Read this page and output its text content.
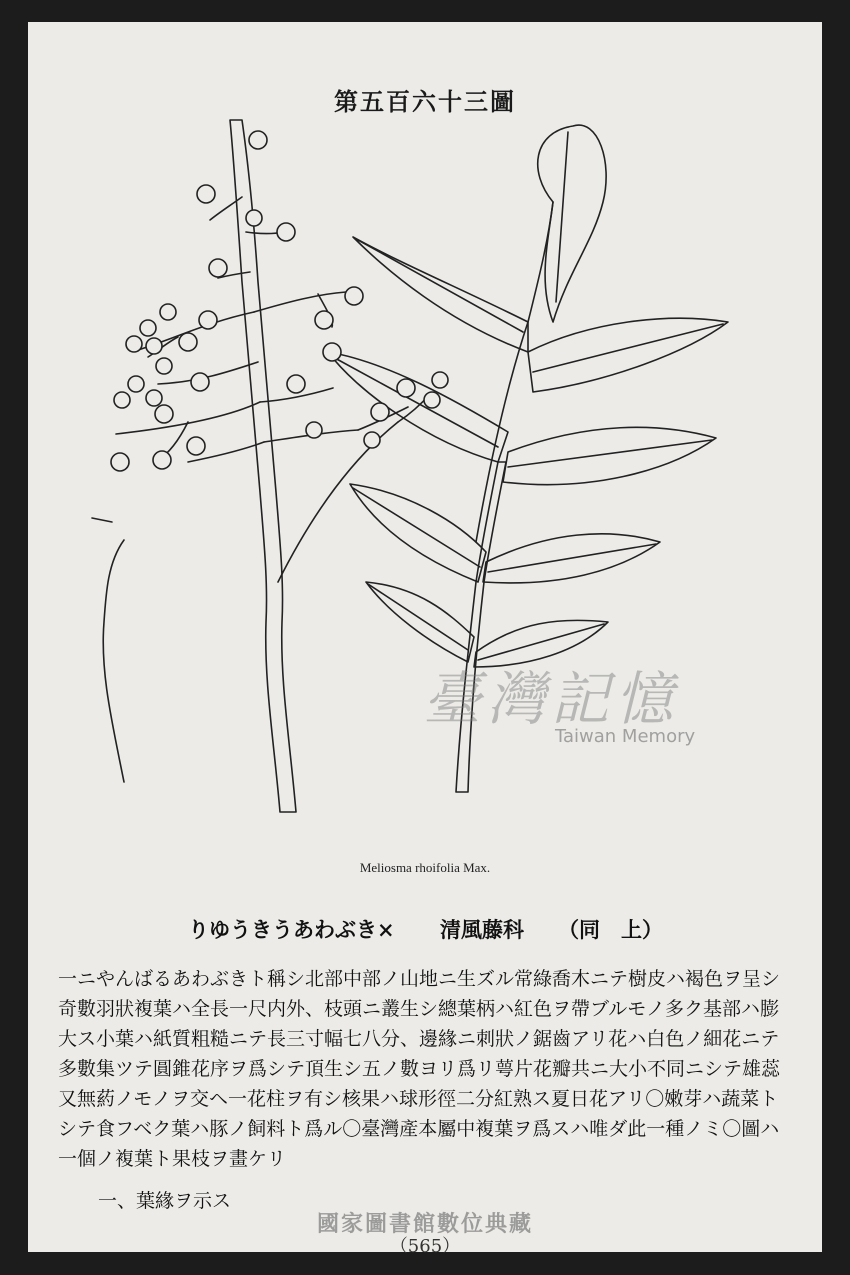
第五百六十三圖
臺灣記憶
Taiwan Memory
Meliosma rhoifolia Max.
りゆうきうあわぶき× 清風藤科 （同　上）
一ニやんばるあわぶきト稱シ北部中部ノ山地ニ生ズル常綠喬木ニテ樹皮ハ褐色ヲ呈シ
奇數羽狀複葉ハ全長一尺内外、枝頭ニ叢生シ總葉柄ハ紅色ヲ帶ブルモノ多ク基部ハ膨
大ス小葉ハ紙質粗糙ニテ長三寸幅七八分、邊緣ニ刺狀ノ鋸齒アリ花ハ白色ノ細花ニテ
多數集ツテ圓錐花序ヲ爲シテ頂生シ五ノ數ヨリ爲リ萼片花瓣共ニ大小不同ニシテ雄蕊
又無葯ノモノヲ交ヘ一花柱ヲ有シ核果ハ球形徑二分紅熟ス夏日花アリ〇嫩芽ハ蔬菜ト
シテ食フベク葉ハ豚ノ飼料ト爲ル〇臺灣產本屬中複葉ヲ爲スハ唯ダ此一種ノミ〇圖ハ
一個ノ複葉ト果枝ヲ畫ケリ
一、葉緣ヲ示ス
國家圖書館數位典藏
（565）
